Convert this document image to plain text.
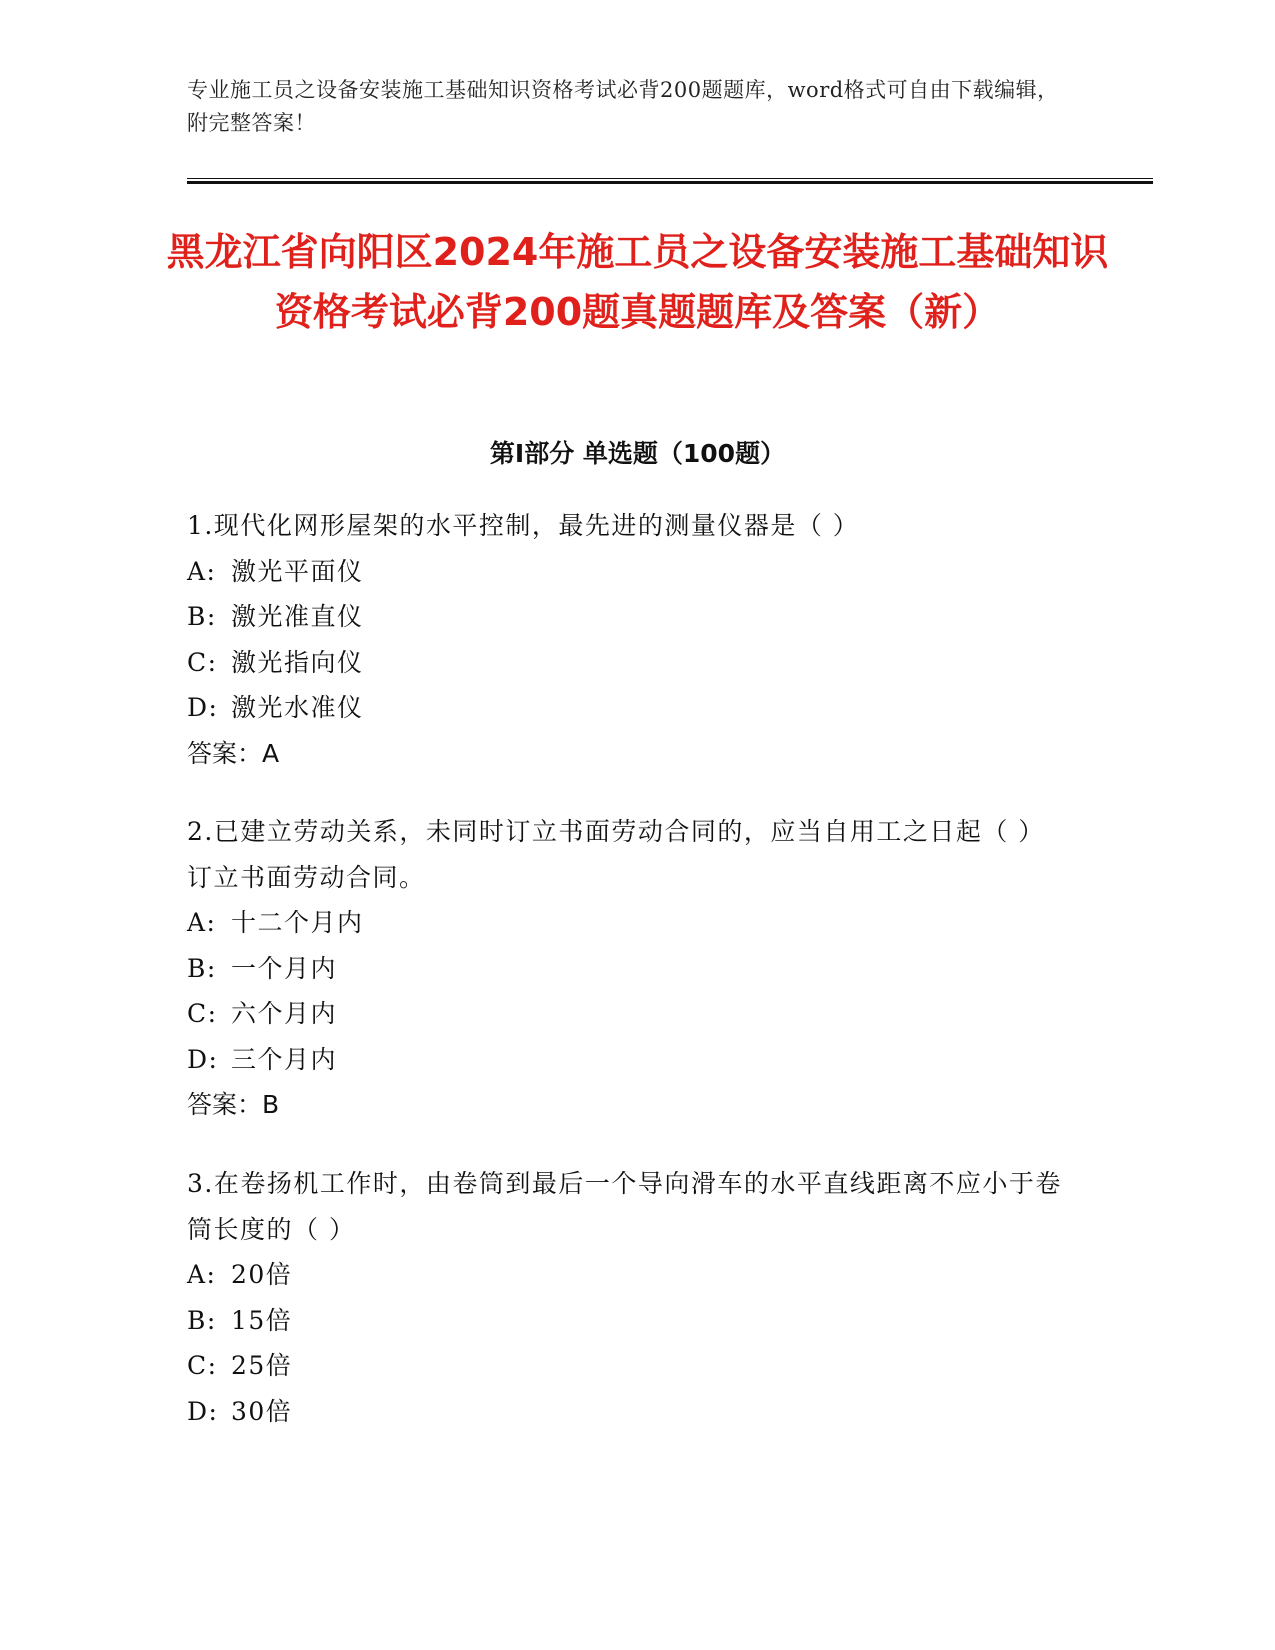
专业施工员之设备安装施工基础知识资格考试必背200题题库，word格式可自由下载编辑，附完整答案！
黑龙江省向阳区2024年施工员之设备安装施工基础知识资格考试必背200题真题题库及答案（新）
第Ⅰ部分 单选题（100题）
1.现代化网形屋架的水平控制，最先进的测量仪器是（ ）
A: 激光平面仪
B: 激光准直仪
C: 激光指向仪
D: 激光水准仪
答案：A
2.已建立劳动关系，未同时订立书面劳动合同的，应当自用工之日起（ ）订立书面劳动合同。
A: 十二个月内
B: 一个月内
C: 六个月内
D: 三个月内
答案：B
3.在卷扬机工作时，由卷筒到最后一个导向滑车的水平直线距离不应小于卷筒长度的（ ）
A: 20倍
B: 15倍
C: 25倍
D: 30倍
